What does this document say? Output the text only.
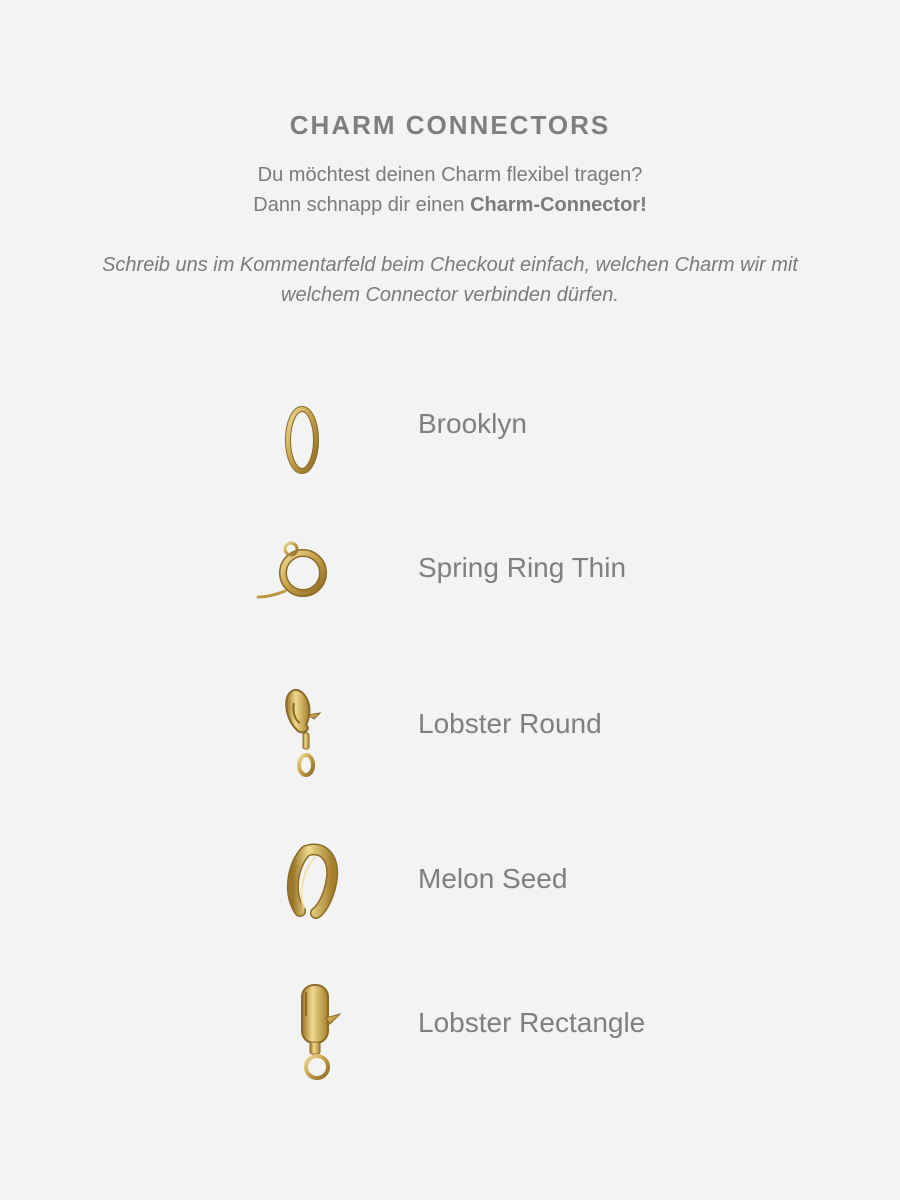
CHARM CONNECTORS
Du möchtest deinen Charm flexibel tragen?
Dann schnapp dir einen Charm-Connector!
Schreib uns im Kommentarfeld beim Checkout einfach, welchen Charm wir mit welchem Connector verbinden dürfen.
Brooklyn
Spring Ring Thin
Lobster Round
Melon Seed
Lobster Rectangle
